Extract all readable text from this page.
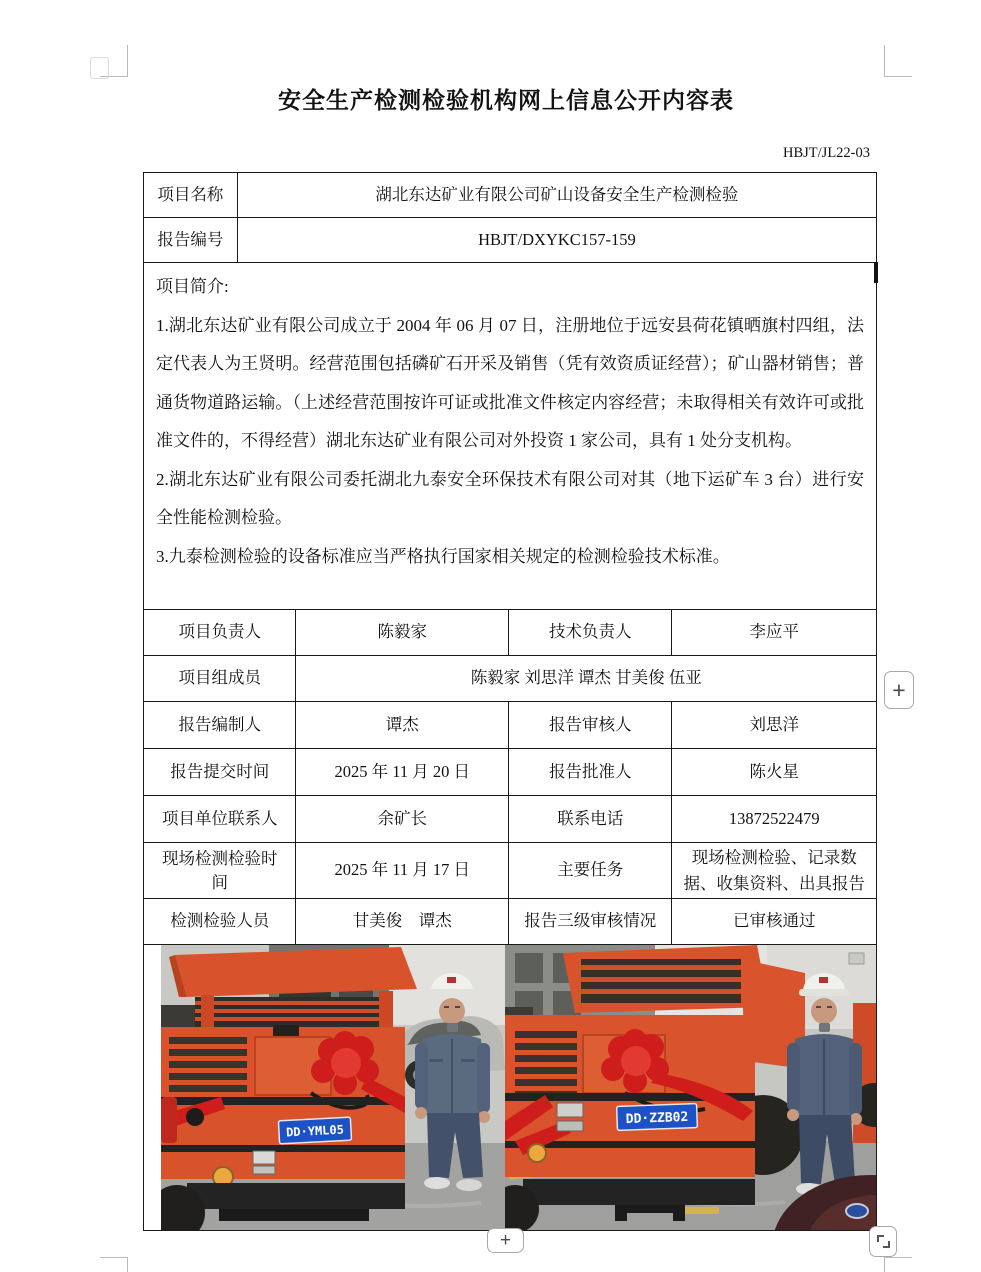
安全生产检测检验机构网上信息公开内容表
HBJT/JL22-03
项目名称	湖北东达矿业有限公司矿山设备安全生产检测检验
报告编号	HBJT/DXYKC157-159

项目简介:

1.湖北东达矿业有限公司成立于 2004 年 06 月 07 日，注册地位于远安县荷花镇晒旗村四组，法定代表人为王贤明。经营范围包括磷矿石开采及销售（凭有效资质证经营）；矿山器材销售；普通货物道路运输。（上述经营范围按许可证或批准文件核定内容经营；未取得相关有效许可或批准文件的，不得经营）湖北东达矿业有限公司对外投资 1 家公司，具有 1 处分支机构。

2.湖北东达矿业有限公司委托湖北九泰安全环保技术有限公司对其（地下运矿车 3 台）进行安全性能检测检验。

3.九泰检测检验的设备标准应当严格执行国家相关规定的检测检验技术标准。

项目负责人	陈毅家	技术负责人	李应平
项目组成员	陈毅家 刘思洋 谭杰 甘美俊 伍亚		
报告编制人	谭杰	报告审核人	刘思洋
报告提交时间	2025 年 11 月 20 日	报告批准人	陈火星
项目单位联系人	余矿长	联系电话	13872522479
现场检测检验时间	2025 年 11 月 17 日	主要任务	现场检测检验、记录数据、收集资料、出具报告
检测检验人员	甘美俊　谭杰	报告三级审核情况	已审核通过
DD·YML05
DD·ZZB02
+
+
